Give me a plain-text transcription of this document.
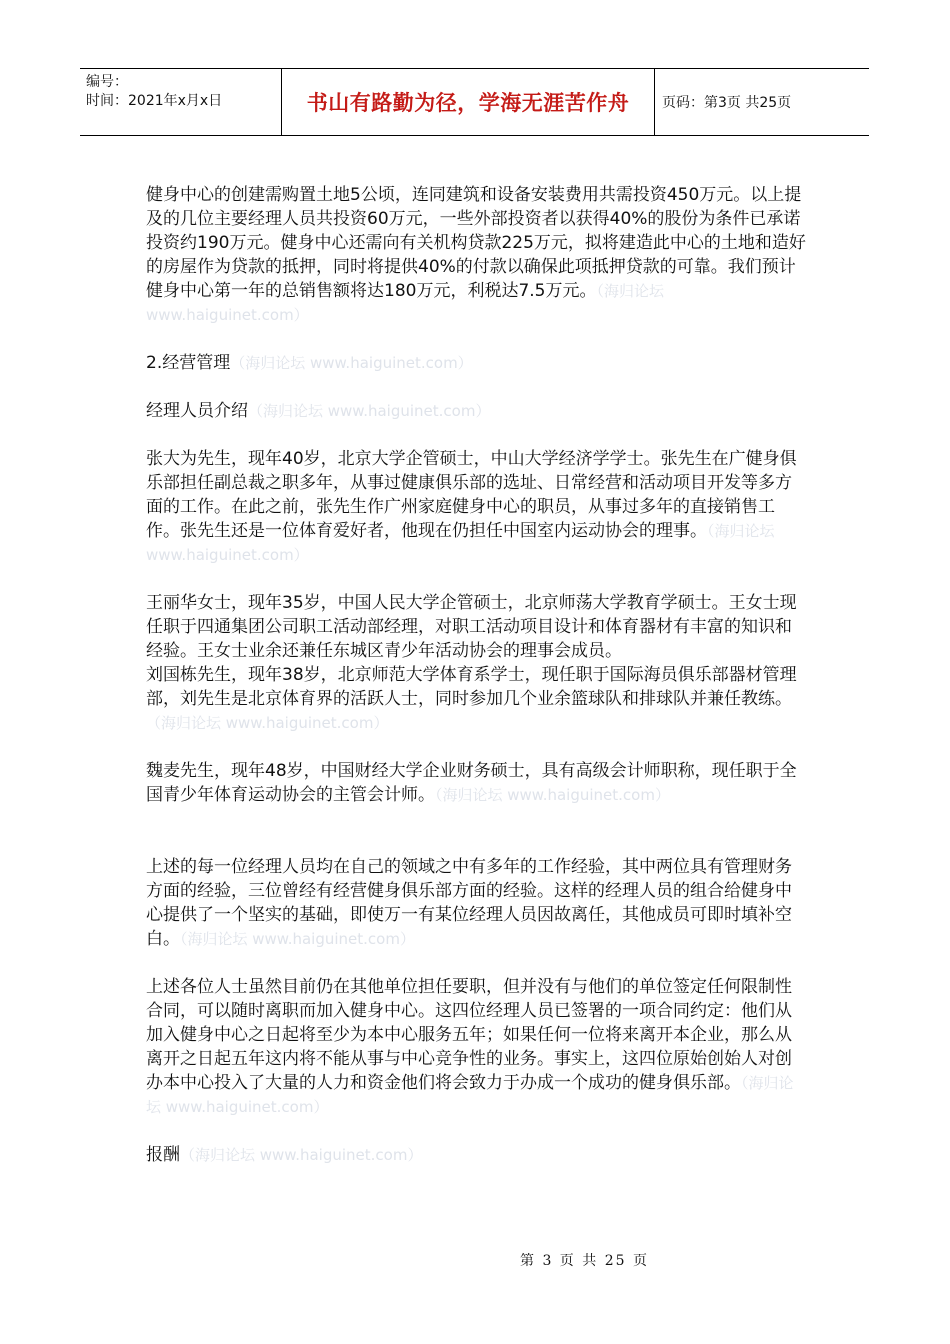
编号：
时间：2021年x月x日	书山有路勤为径，学海无涯苦作舟	页码：第3页 共25页

健身中心的创建需购置土地5公顷，连同建筑和设备安装费用共需投资450万元。以上提及的几位主要经理人员共投资60万元，一些外部投资者以获得40%的股份为条件已承诺投资约190万元。健身中心还需向有关机构贷款225万元，拟将建造此中心的土地和造好的房屋作为贷款的抵押，同时将提供40%的付款以确保此项抵押贷款的可靠。我们预计健身中心第一年的总销售额将达180万元，利税达7.5万元。（海归论坛 www.haiguinet.com）

2.经营管理（海归论坛 www.haiguinet.com）

经理人员介绍（海归论坛 www.haiguinet.com）

张大为先生，现年40岁，北京大学企管硕士，中山大学经济学学士。张先生在广健身俱乐部担任副总裁之职多年，从事过健康俱乐部的选址、日常经营和活动项目开发等多方面的工作。在此之前，张先生作广州家庭健身中心的职员，从事过多年的直接销售工作。张先生还是一位体育爱好者，他现在仍担任中国室内运动协会的理事。（海归论坛 www.haiguinet.com）

王丽华女士，现年35岁，中国人民大学企管硕士，北京师荡大学教育学硕士。王女士现任职于四通集团公司职工活动部经理，对职工活动项目设计和体育器材有丰富的知识和经验。王女士业余还兼任东城区青少年活动协会的理事会成员。

刘国栋先生，现年38岁，北京师范大学体育系学士，现任职于国际海员俱乐部器材管理部，刘先生是北京体育界的活跃人士，同时参加几个业余篮球队和排球队并兼任教练。（海归论坛 www.haiguinet.com）

魏麦先生，现年48岁，中国财经大学企业财务硕士，具有高级会计师职称，现任职于全国青少年体育运动协会的主管会计师。（海归论坛 www.haiguinet.com）

上述的每一位经理人员均在自己的领域之中有多年的工作经验，其中两位具有管理财务方面的经验，三位曾经有经营健身俱乐部方面的经验。这样的经理人员的组合给健身中心提供了一个坚实的基础，即使万一有某位经理人员因故离任，其他成员可即时填补空白。（海归论坛 www.haiguinet.com）

上述各位人士虽然目前仍在其他单位担任要职，但并没有与他们的单位签定任何限制性合同，可以随时离职而加入健身中心。这四位经理人员已签署的一项合同约定：他们从加入健身中心之日起将至少为本中心服务五年；如果任何一位将来离开本企业，那么从离开之日起五年这内将不能从事与中心竞争性的业务。事实上，这四位原始创始人对创办本中心投入了大量的人力和资金他们将会致力于办成一个成功的健身俱乐部。（海归论坛 www.haiguinet.com）

报酬（海归论坛 www.haiguinet.com）

第 3 页 共 25 页
